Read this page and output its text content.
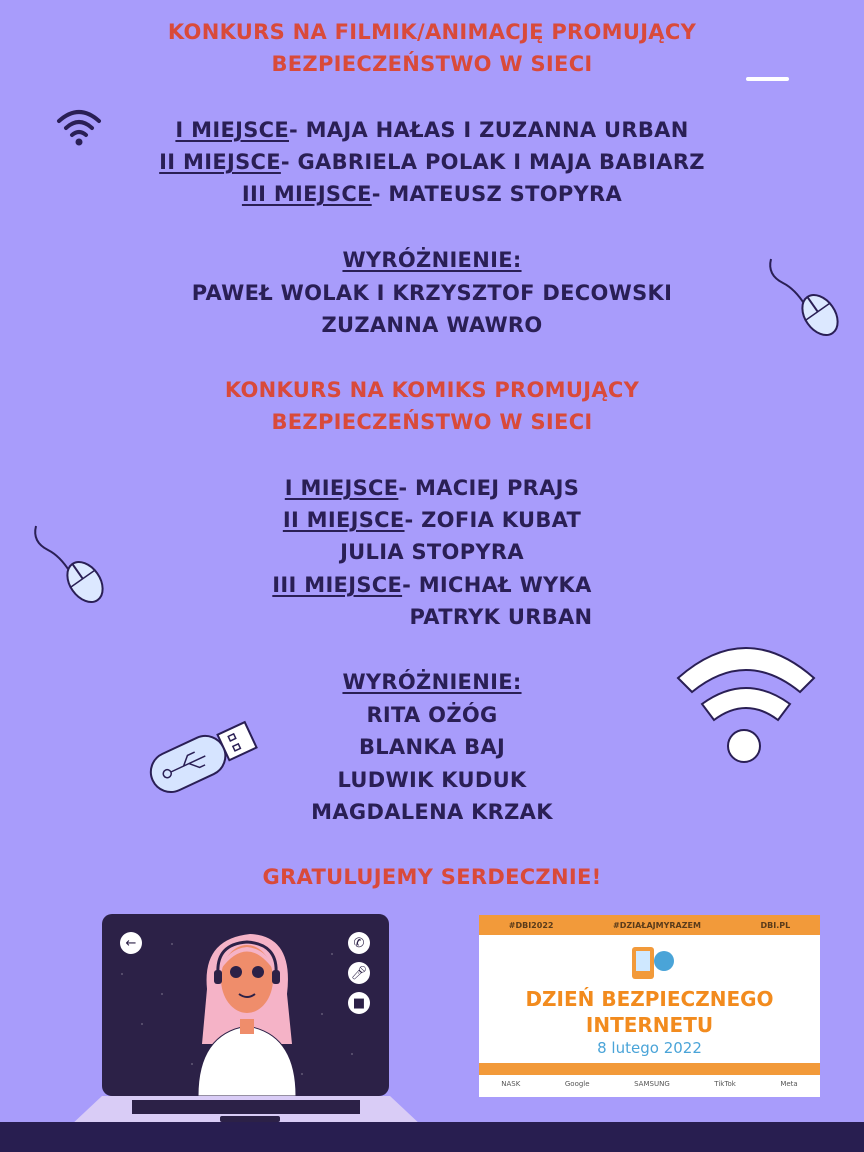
KONKURS NA FILMIK/ANIMACJĘ PROMUJĄCY
BEZPIECZEŃSTWO W SIECI
I MIEJSCE- MAJA HAŁAS I ZUZANNA URBAN
II MIEJSCE- GABRIELA POLAK I MAJA BABIARZ
III MIEJSCE- MATEUSZ STOPYRA
WYRÓŻNIENIE:
PAWEŁ WOLAK I KRZYSZTOF DECOWSKI
ZUZANNA WAWRO
KONKURS NA KOMIKS PROMUJĄCY
BEZPIECZEŃSTWO W SIECI
I MIEJSCE- MACIEJ PRAJS
II MIEJSCE- ZOFIA KUBAT
JULIA STOPYRA
III MIEJSCE- MICHAŁ WYKA
PATRYK URBAN
WYRÓŻNIENIE:
RITA OŻÓG
BLANKA BAJ
LUDWIK KUDUK
MAGDALENA KRZAK
GRATULUJEMY SERDECZNIE!
←	✆
🎤︎
■
#DBI2022	#DZIAŁAJMYRAZEM	DBI.PL
DZIEŃ BEZPIECZNEGO
INTERNETU
8 lutego 2022
NASK	Google	SAMSUNG	TikTok	Meta
